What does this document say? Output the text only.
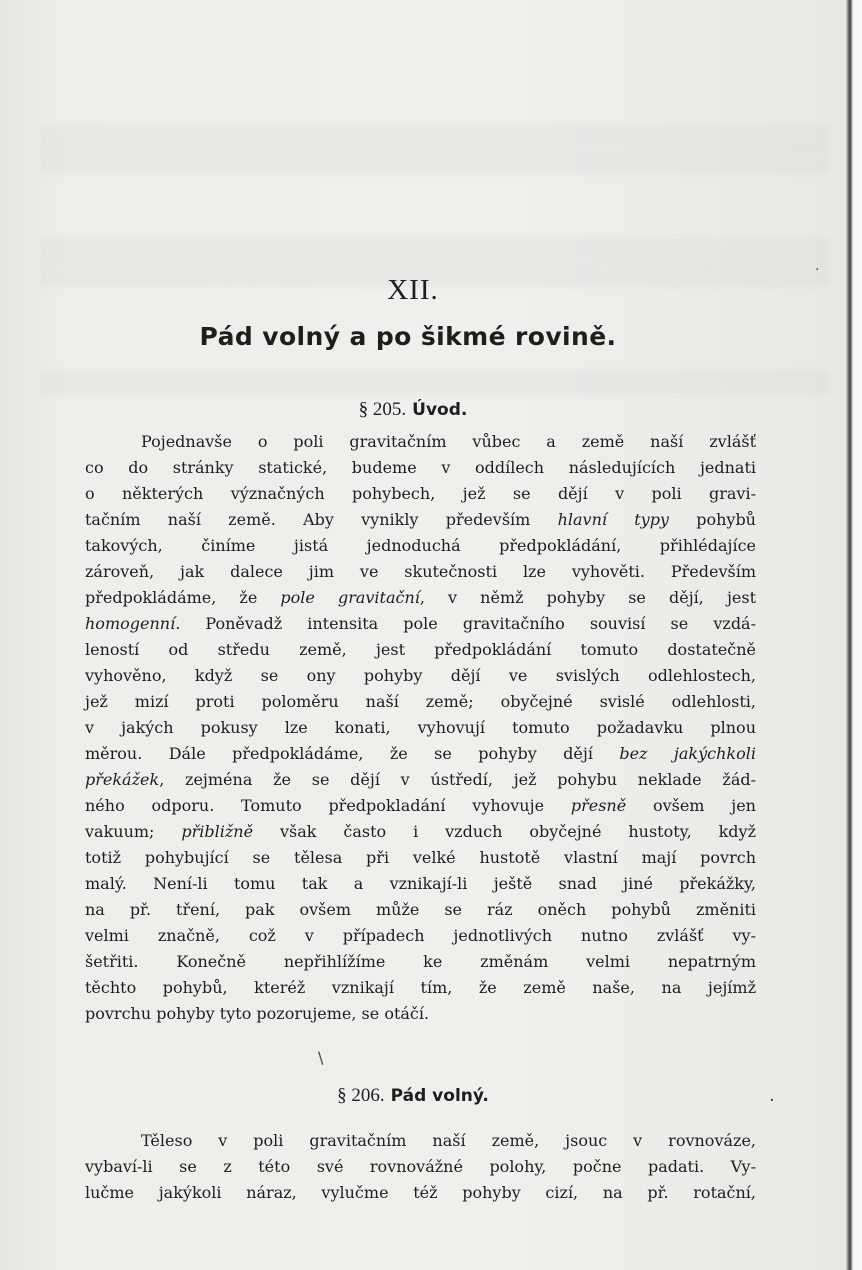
XII.
Pád volný a po šikmé rovině.
§ 205. Úvod.
Pojednavše o poli gravitačním vůbec a země naší zvlášť
co do stránky statické, budeme v oddílech následujících jednati
o některých význačných pohybech, jež se dějí v poli gravi-
tačním naší země. Aby vynikly především hlavní typy pohybů
takových, činíme jistá jednoduchá předpokládání, přihlédajíce
zároveň, jak dalece jim ve skutečnosti lze vyhověti. Především
předpokládáme, že pole gravitační, v němž pohyby se dějí, jest
homogenní. Poněvadž intensita pole gravitačního souvisí se vzdá-
leností od středu země, jest předpokládání tomuto dostatečně
vyhověno, když se ony pohyby dějí ve svislých odlehlostech,
jež mizí proti poloměru naší země; obyčejné svislé odlehlosti,
v jakých pokusy lze konati, vyhovují tomuto požadavku plnou
měrou. Dále předpokládáme, že se pohyby dějí bez jakýchkoli
překážek, zejména že se dějí v ústředí, jež pohybu neklade žád-
ného odporu. Tomuto předpokladání vyhovuje přesně ovšem jen
vakuum; přibližně však často i vzduch obyčejné hustoty, když
totiž pohybující se tělesa při velké hustotě vlastní mají povrch
malý. Není-li tomu tak a vznikají-li ještě snad jiné překážky,
na př. tření, pak ovšem může se ráz oněch pohybů změniti
velmi značně, což v případech jednotlivých nutno zvlášť vy-
šetřiti. Konečně nepřihlížíme ke změnám velmi nepatrným
těchto pohybů, kteréž vznikají tím, že země naše, na jejímž
povrchu pohyby tyto pozorujeme, se otáčí.
§ 206. Pád volný.
Těleso v poli gravitačním naší země, jsouc v rovnováze,
vybaví-li se z této své rovnovážné polohy, počne padati. Vy-
lučme jakýkoli náraz, vylučme též pohyby cizí, na př. rotační,
·
·
\
